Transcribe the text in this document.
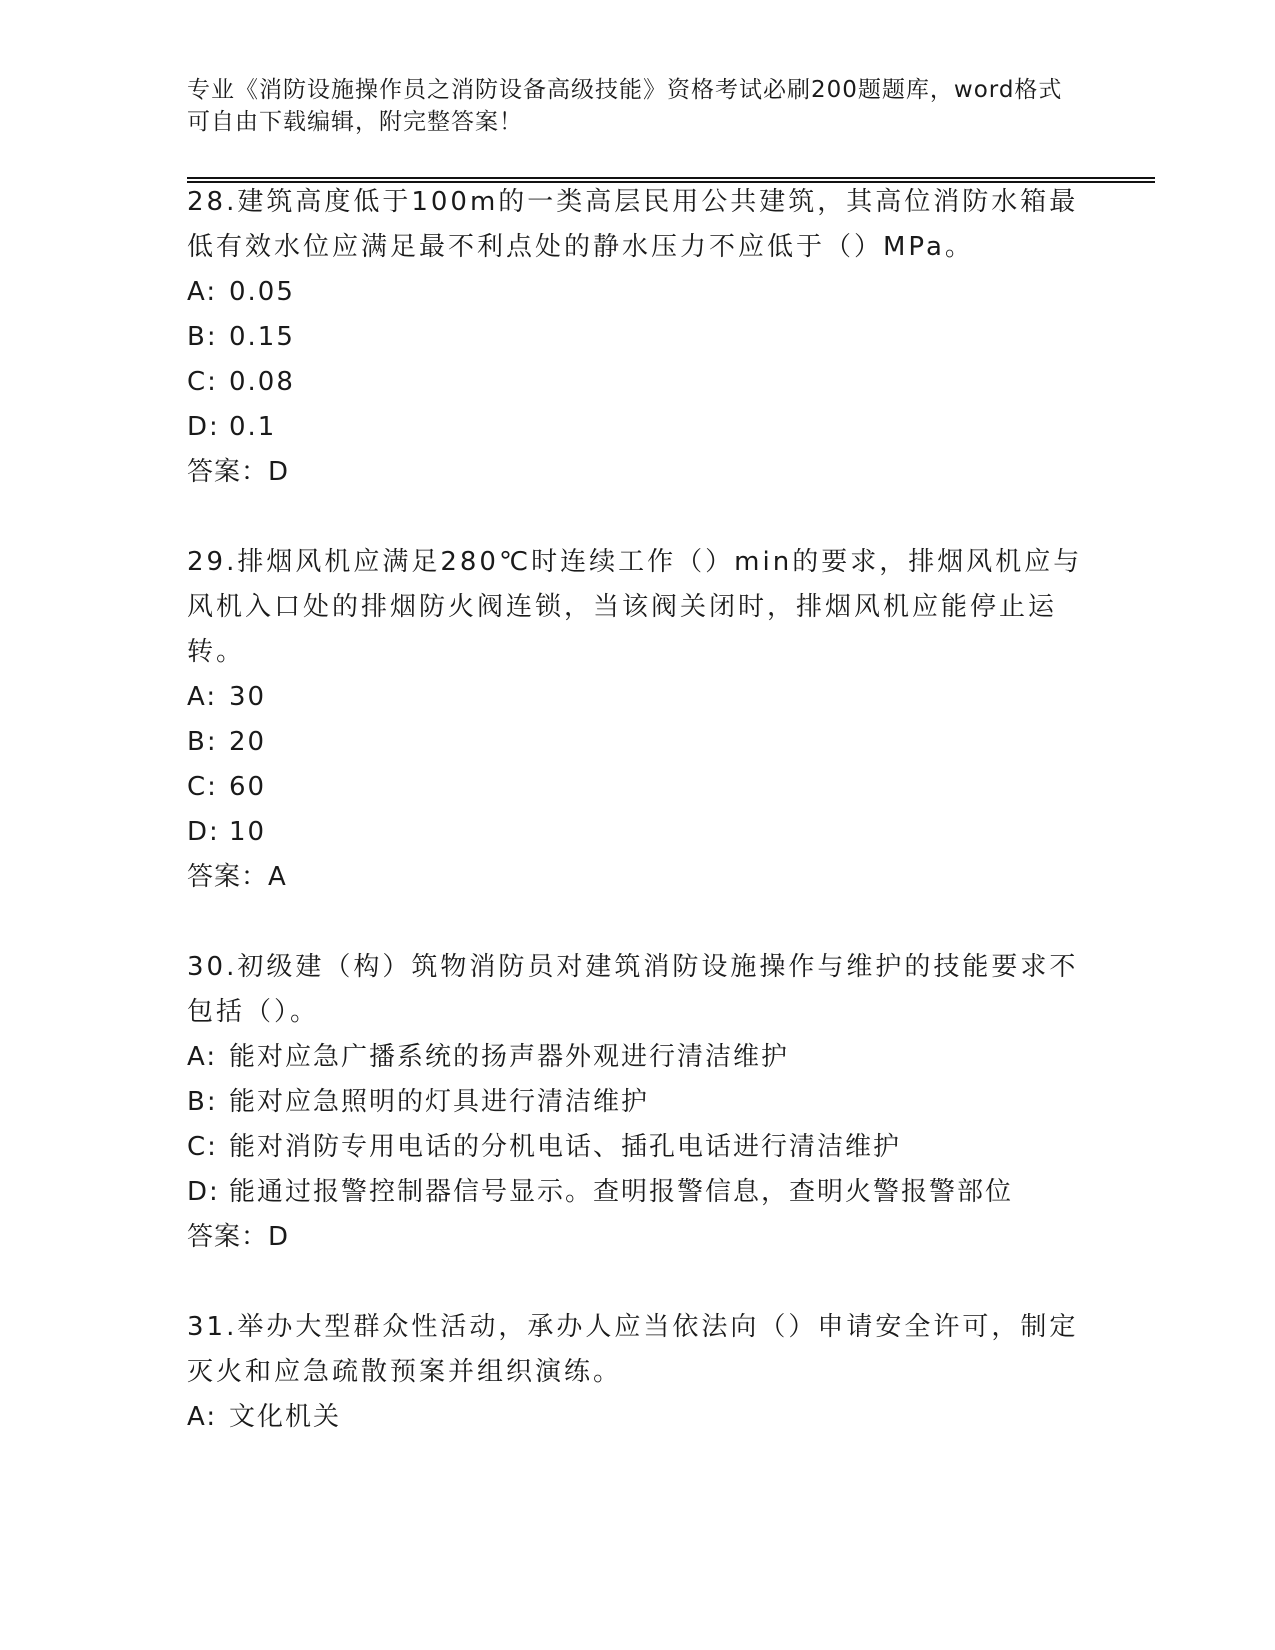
专业《消防设施操作员之消防设备高级技能》资格考试必刷200题题库，word格式可自由下载编辑，附完整答案！

28.建筑高度低于100m的一类高层民用公共建筑，其高位消防水箱最低有效水位应满足最不利点处的静水压力不应低于（）MPa。

A: 0.05

B: 0.15

C: 0.08

D: 0.1

答案：D

29.排烟风机应满足280℃时连续工作（）min的要求，排烟风机应与风机入口处的排烟防火阀连锁，当该阀关闭时，排烟风机应能停止运转。

A: 30

B: 20

C: 60

D: 10

答案：A

30.初级建（构）筑物消防员对建筑消防设施操作与维护的技能要求不包括（）。

A: 能对应急广播系统的扬声器外观进行清洁维护

B: 能对应急照明的灯具进行清洁维护

C: 能对消防专用电话的分机电话、插孔电话进行清洁维护

D: 能通过报警控制器信号显示。查明报警信息，查明火警报警部位

答案：D

31.举办大型群众性活动，承办人应当依法向（）申请安全许可，制定灭火和应急疏散预案并组织演练。

A: 文化机关
